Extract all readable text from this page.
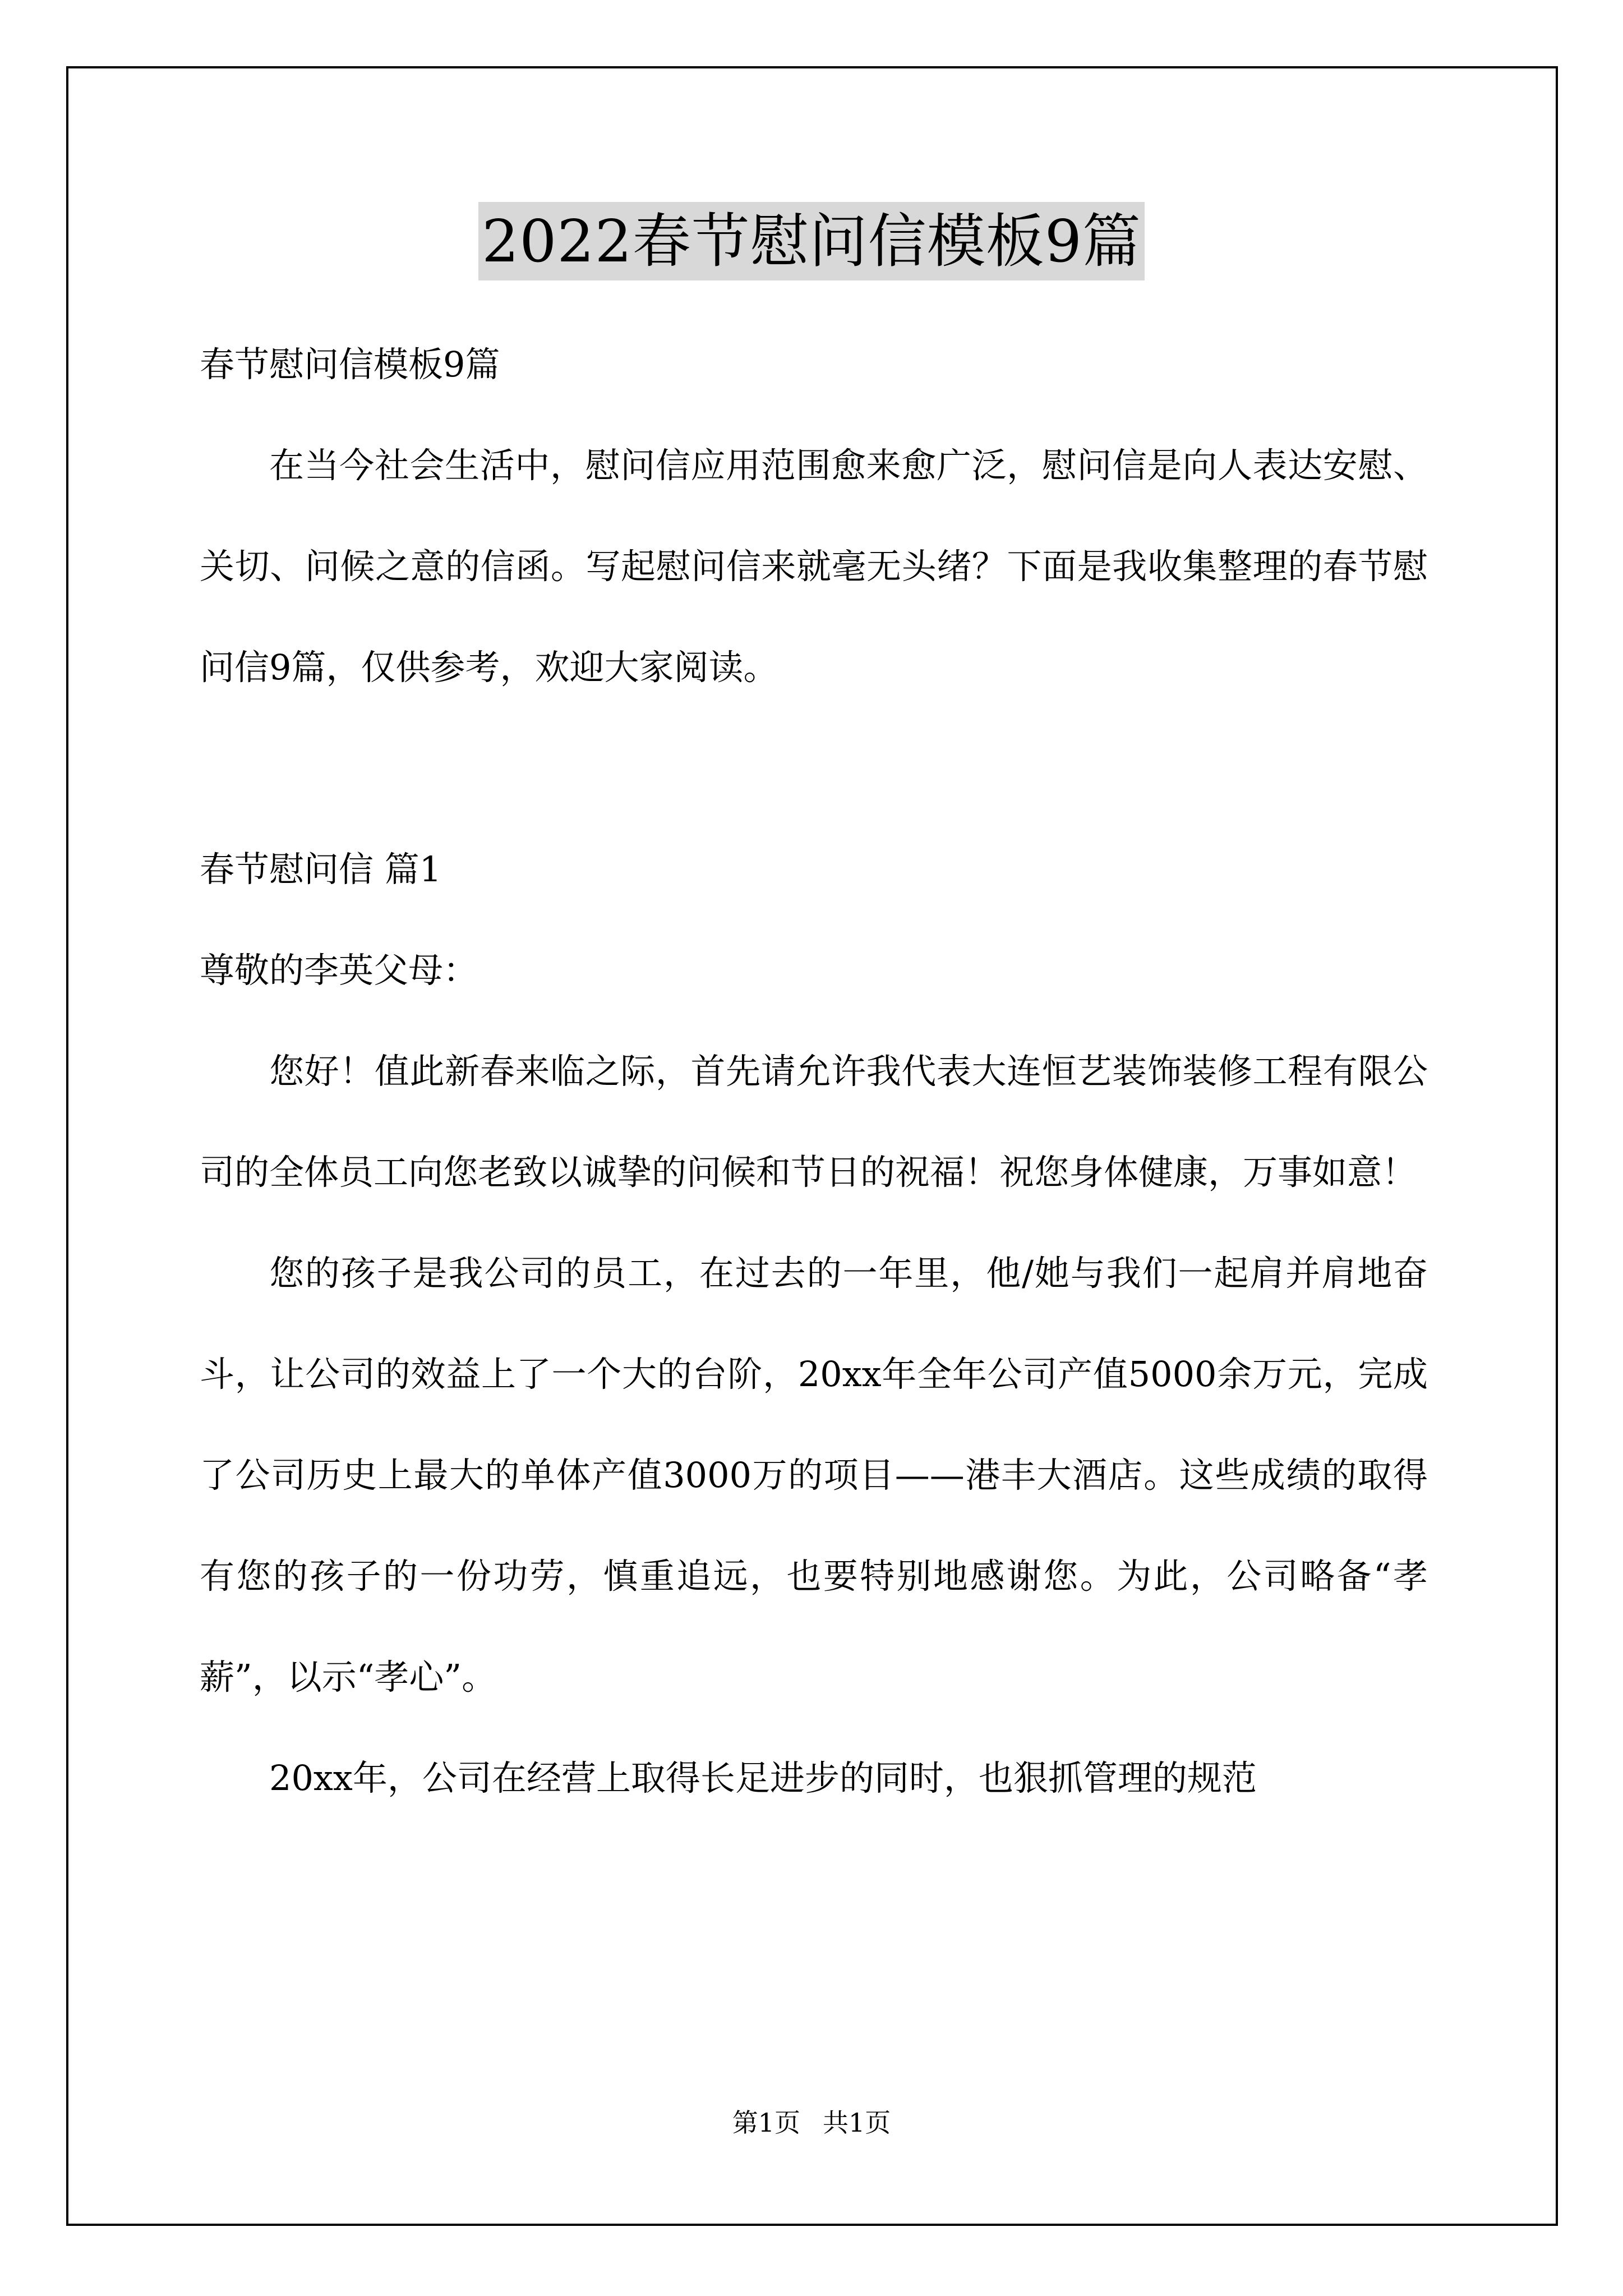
2022春节慰问信模板9篇

春节慰问信模板9篇

在当今社会生活中，慰问信应用范围愈来愈广泛，慰问信是向人表达安慰、关切、问候之意的信函。写起慰问信来就毫无头绪？下面是我收集整理的春节慰问信9篇，仅供参考，欢迎大家阅读。

春节慰问信 篇1

尊敬的李英父母：

您好！值此新春来临之际，首先请允许我代表大连恒艺装饰装修工程有限公司的全体员工向您老致以诚挚的问候和节日的祝福！祝您身体健康，万事如意！

您的孩子是我公司的员工，在过去的一年里，他/她与我们一起肩并肩地奋斗，让公司的效益上了一个大的台阶，20xx年全年公司产值5000余万元，完成了公司历史上最大的单体产值3000万的项目——港丰大酒店。这些成绩的取得有您的孩子的一份功劳，慎重追远，也要特别地感谢您。为此，公司略备“孝薪”，以示“孝心”。

20xx年，公司在经营上取得长足进步的同时，也狠抓管理的规范

第1页 共1页
